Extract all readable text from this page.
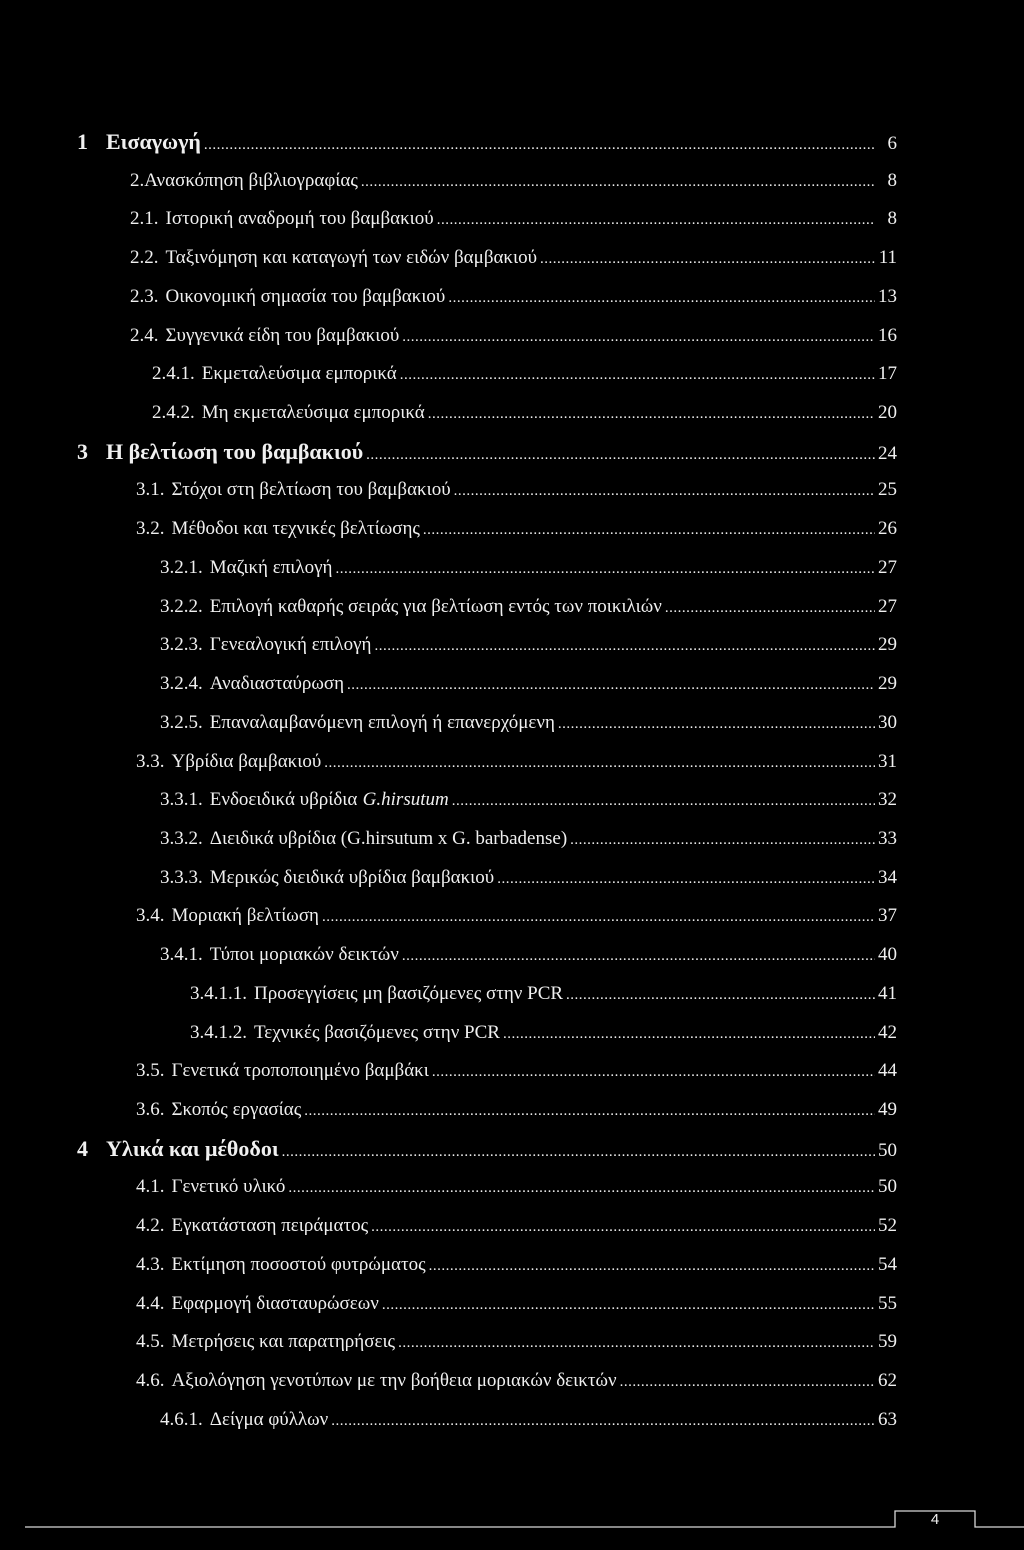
1 Εισαγωγή .....	6
2.Ανασκόπηση βιβλιογραφίας .....	8
2.1. Ιστορική αναδρομή του βαμβακιού .....	8
2.2. Ταξινόμηση και καταγωγή των ειδών βαμβακιού .....	11
2.3. Οικονομική σημασία του βαμβακιού .....	13
2.4. Συγγενικά είδη του βαμβακιού .....	16
2.4.1. Εκμεταλεύσιμα εμπορικά .....	17
2.4.2. Μη εκμεταλεύσιμα εμπορικά .....	20
3 Η βελτίωση του βαμβακιού .....	24
3.1. Στόχοι στη βελτίωση του βαμβακιού .....	25
3.2. Μέθοδοι και τεχνικές βελτίωσης .....	26
3.2.1. Μαζική επιλογή .....	27
3.2.2. Επιλογή καθαρής σειράς για βελτίωση εντός των ποικιλιών .....	27
3.2.3. Γενεαλογική επιλογή .....	29
3.2.4. Αναδιασταύρωση .....	29
3.2.5. Επαναλαμβανόμενη επιλογή ή επανερχόμενη .....	30
3.3. Υβρίδια βαμβακιού .....	31
3.3.1. Ενδοειδικά υβρίδια G.hirsutum .....	32
3.3.2. Διειδικά υβρίδια (G.hirsutum x G. barbadense) .....	33
3.3.3. Μερικώς διειδικά υβρίδια βαμβακιού .....	34
3.4. Μοριακή βελτίωση .....	37
3.4.1. Τύποι μοριακών δεικτών .....	40
3.4.1.1. Προσεγγίσεις μη βασιζόμενες στην PCR .....	41
3.4.1.2. Τεχνικές βασιζόμενες στην PCR .....	42
3.5. Γενετικά τροποποιημένο βαμβάκι .....	44
3.6. Σκοπός εργασίας .....	49
4 Υλικά και μέθοδοι .....	50
4.1. Γενετικό υλικό .....	50
4.2. Εγκατάσταση πειράματος .....	52
4.3. Εκτίμηση ποσοστού φυτρώματος .....	54
4.4. Εφαρμογή διασταυρώσεων .....	55
4.5. Μετρήσεις και παρατηρήσεις .....	59
4.6. Αξιολόγηση γενοτύπων με την βοήθεια μοριακών δεικτών .....	62
4.6.1. Δείγμα φύλλων .....	63
4
